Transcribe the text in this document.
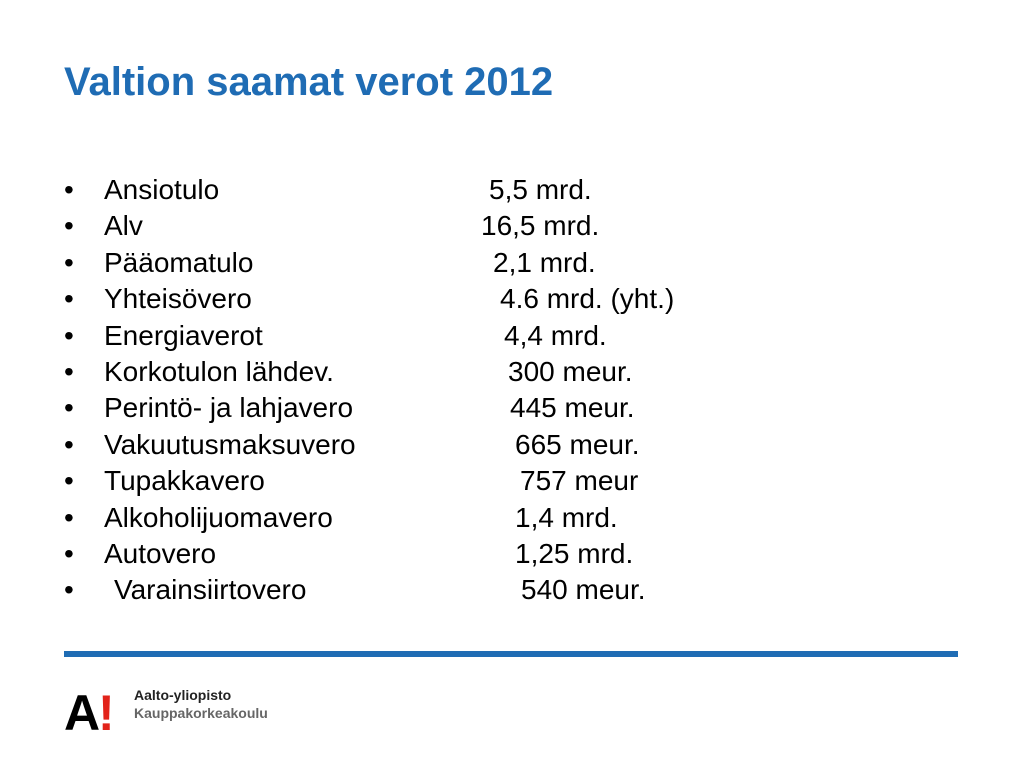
Valtion saamat verot 2012
•	Ansiotulo	5,5 mrd.
•	Alv	16,5 mrd.
•	Pääomatulo	2,1 mrd.
•	Yhteisövero	4.6 mrd. (yht.)
•	Energiaverot	4,4 mrd.
•	Korkotulon lähdev.	300 meur.
•	Perintö- ja lahjavero	445 meur.
•	Vakuutusmaksuvero	665 meur.
•	Tupakkavero	757 meur
•	Alkoholijuomavero	1,4 mrd.
•	Autovero	1,25 mrd.
•	Varainsiirtovero	540 meur.
A
! Aalto-yliopisto
Kauppakorkeakoulu
